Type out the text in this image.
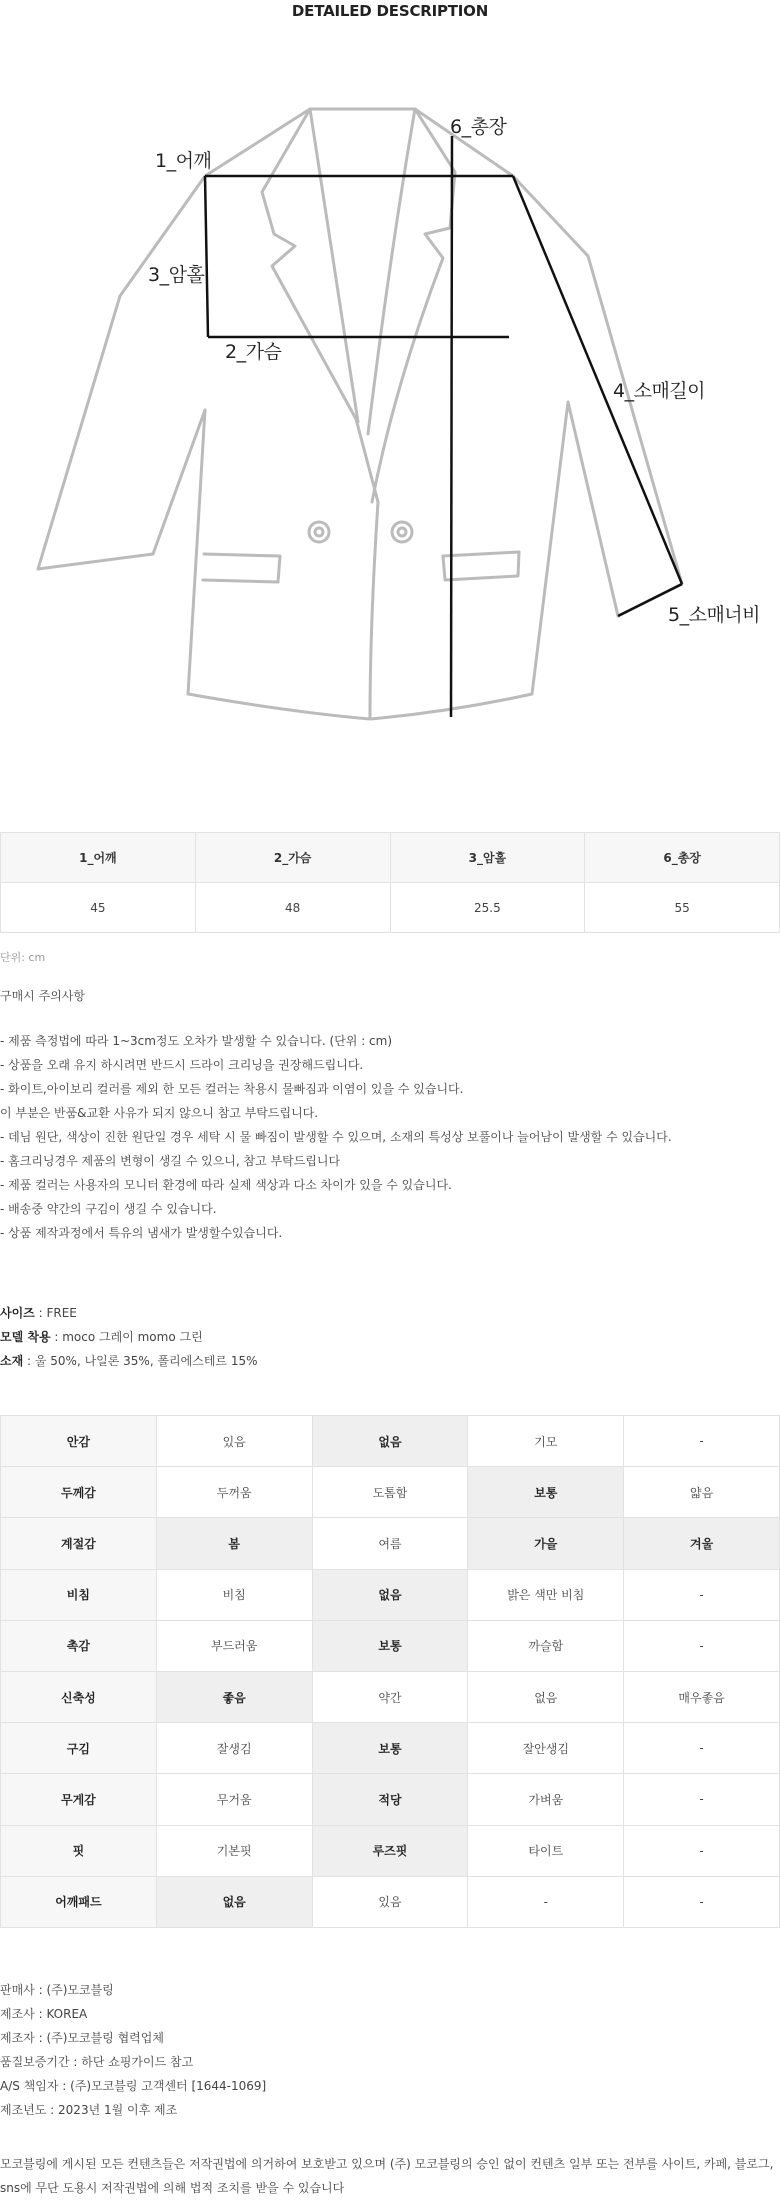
DETAILED DESCRIPTION
1_어깨
3_암홀
2_가슴
6_총장
4_소매길이
5_소매너비
1_어깨	2_가슴	3_암홀	6_총장
45	48	25.5	55
단위: cm
구매시 주의사항
- 제품 측정법에 따라 1~3cm정도 오차가 발생할 수 있습니다. (단위 : cm)
- 상품을 오래 유지 하시려면 반드시 드라이 크리닝을 권장해드립니다.
- 화이트,아이보리 컬러를 제외 한 모든 컬러는 착용시 물빠짐과 이염이 있을 수 있습니다.
이 부분은 반품&교환 사유가 되지 않으니 참고 부탁드립니다.
- 데님 원단, 색상이 진한 원단일 경우 세탁 시 물 빠짐이 발생할 수 있으며, 소재의 특성상 보풀이나 늘어남이 발생할 수 있습니다.
- 홈크리닝경우 제품의 변형이 생길 수 있으니, 참고 부탁드립니다
- 제품 컬러는 사용자의 모니터 환경에 따라 실제 색상과 다소 차이가 있을 수 있습니다.
- 배송중 약간의 구김이 생길 수 있습니다.
- 상품 제작과정에서 특유의 냄새가 발생할수있습니다.
사이즈 : FREE
모델 착용 : moco 그레이 momo 그린
소재 : 울 50%, 나일론 35%, 폴리에스테르 15%
안감	있음	없음	기모	-
두께감	두꺼움	도톰함	보통	얇음
계절감	봄	여름	가을	겨울
비침	비침	없음	밝은 색만 비침	-
촉감	부드러움	보통	까슬함	-
신축성	좋음	약간	없음	매우좋음
구김	잘생김	보통	잘안생김	-
무게감	무거움	적당	가벼움	-
핏	기본핏	루즈핏	타이트	-
어깨패드	없음	있음	-	-
판매사 : (주)모코블링
제조사 : KOREA
제조자 : (주)모코블링 협력업체
품질보증기간 : 하단 쇼핑가이드 참고
A/S 책임자 : (주)모코블링 고객센터 [1644-1069]
제조년도 : 2023년 1월 이후 제조
모코블링에 게시된 모든 컨텐츠들은 저작권법에 의거하여 보호받고 있으며 (주) 모코블링의 승인 없이 컨텐츠 일부 또는 전부를 사이트, 카페, 블로그, sns에 무단 도용시 저작권법에 의해 법적 조치를 받을 수 있습니다
